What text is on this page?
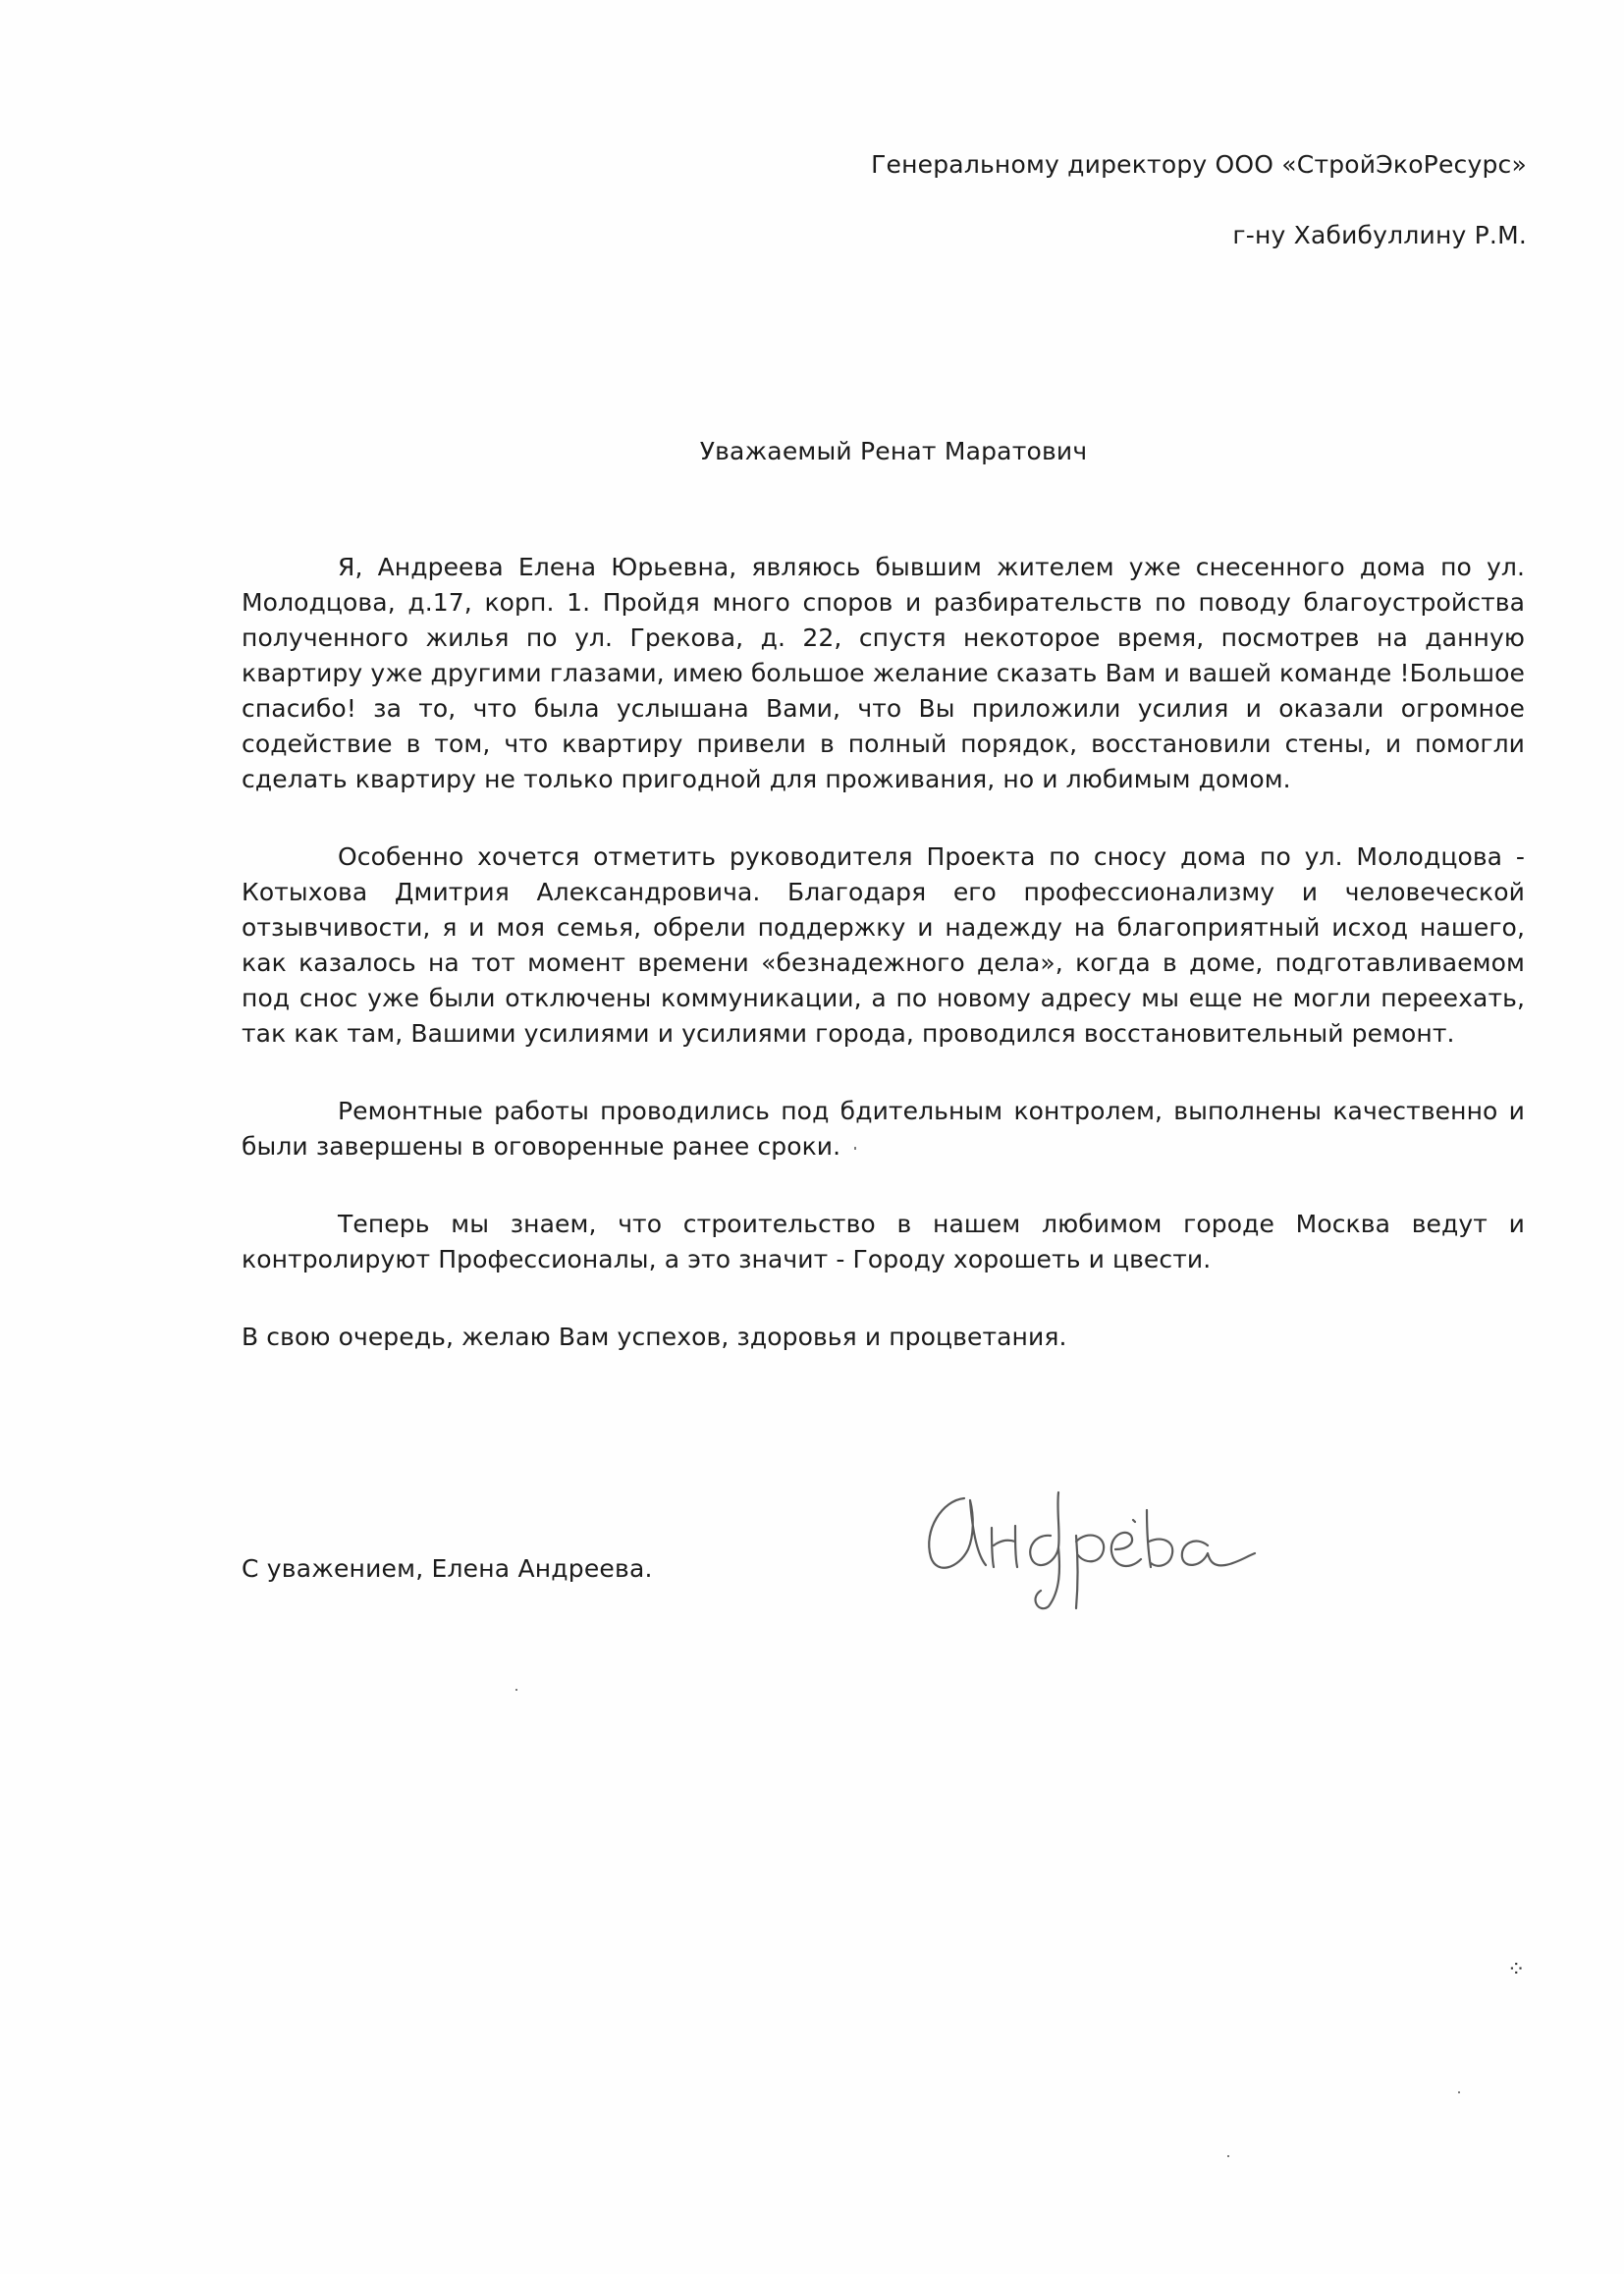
Генеральному директору ООО «СтройЭкоРесурс»
г-ну Хабибуллину Р.М.
Уважаемый Ренат Маратович

Я, Андреева Елена Юрьевна, являюсь бывшим жителем уже снесенного дома по ул. Молодцова, д.17, корп. 1. Пройдя много споров и разбирательств по поводу благоустройства полученного жилья по ул. Грекова, д. 22, спустя некоторое время, посмотрев на данную квартиру уже другими глазами, имею большое желание сказать Вам и вашей команде !Большое спасибо! за то, что была услышана Вами, что Вы приложили усилия и оказали огромное содействие в том, что квартиру привели в полный порядок, восстановили стены, и помогли сделать квартиру не только пригодной для проживания, но и любимым домом.

Особенно хочется отметить руководителя Проекта по сносу дома по ул. Молодцова - Котыхова Дмитрия Александровича. Благодаря его профессионализму и человеческой отзывчивости, я и моя семья, обрели поддержку и надежду на благоприятный исход нашего, как казалось на тот момент времени «безнадежного дела», когда в доме, подготавливаемом под снос уже были отключены коммуникации, а по новому адресу мы еще не могли переехать, так как там, Вашими усилиями и усилиями города, проводился восстановительный ремонт.

Ремонтные работы проводились под бдительным контролем, выполнены качественно и были завершены в оговоренные ранее сроки.

Теперь мы знаем, что строительство в нашем любимом городе Москва ведут и контролируют Профессионалы, а это значит - Городу хорошеть и цвести.

В свою очередь, желаю Вам успехов, здоровья и процветания.

С уважением, Елена Андреева.
⁘
